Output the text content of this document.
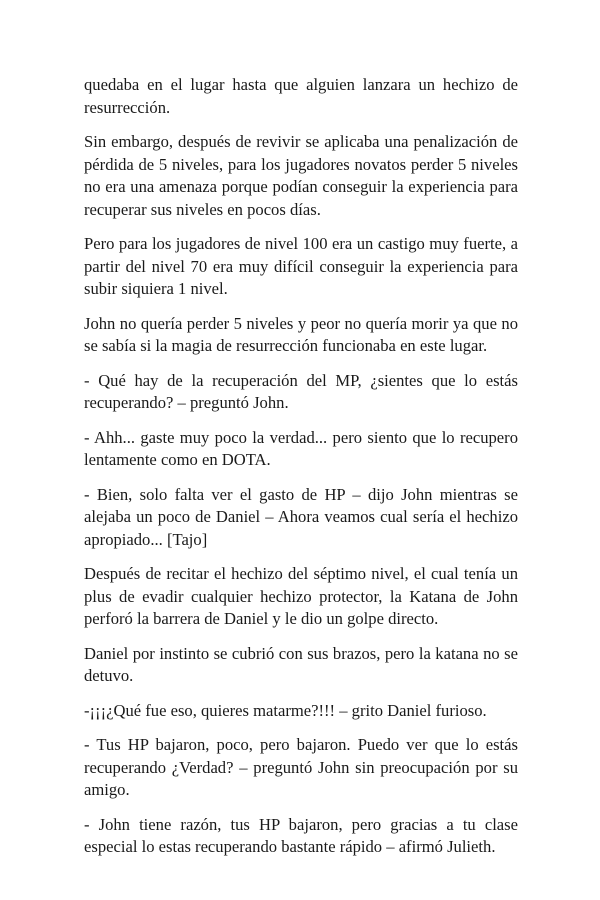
quedaba en el lugar hasta que alguien lanzara un hechizo de resurrección.

Sin embargo, después de revivir se aplicaba una penalización de pérdida de 5 niveles, para los jugadores novatos perder 5 niveles no era una amenaza porque podían conseguir la experiencia para recuperar sus niveles en pocos días.

Pero para los jugadores de nivel 100 era un castigo muy fuerte, a partir del nivel 70 era muy difícil conseguir la experiencia para subir siquiera 1 nivel.

John no quería perder 5 niveles y peor no quería morir ya que no se sabía si la magia de resurrección funcionaba en este lugar.

- Qué hay de la recuperación del MP, ¿sientes que lo estás recuperando? – preguntó John.

- Ahh... gaste muy poco la verdad... pero siento que lo recupero lentamente como en DOTA.

- Bien, solo falta ver el gasto de HP – dijo John mientras se alejaba un poco de Daniel – Ahora veamos cual sería el hechizo apropiado... [Tajo]

Después de recitar el hechizo del séptimo nivel, el cual tenía un plus de evadir cualquier hechizo protector, la Katana de John perforó la barrera de Daniel y le dio un golpe directo.

Daniel por instinto se cubrió con sus brazos, pero la katana no se detuvo.

-¡¡¡¿Qué fue eso, quieres matarme?!!! – grito Daniel furioso.

- Tus HP bajaron, poco, pero bajaron. Puedo ver que lo estás recuperando ¿Verdad? – preguntó John sin preocupación por su amigo.

- John tiene razón, tus HP bajaron, pero gracias a tu clase especial lo estas recuperando bastante rápido – afirmó Julieth.
